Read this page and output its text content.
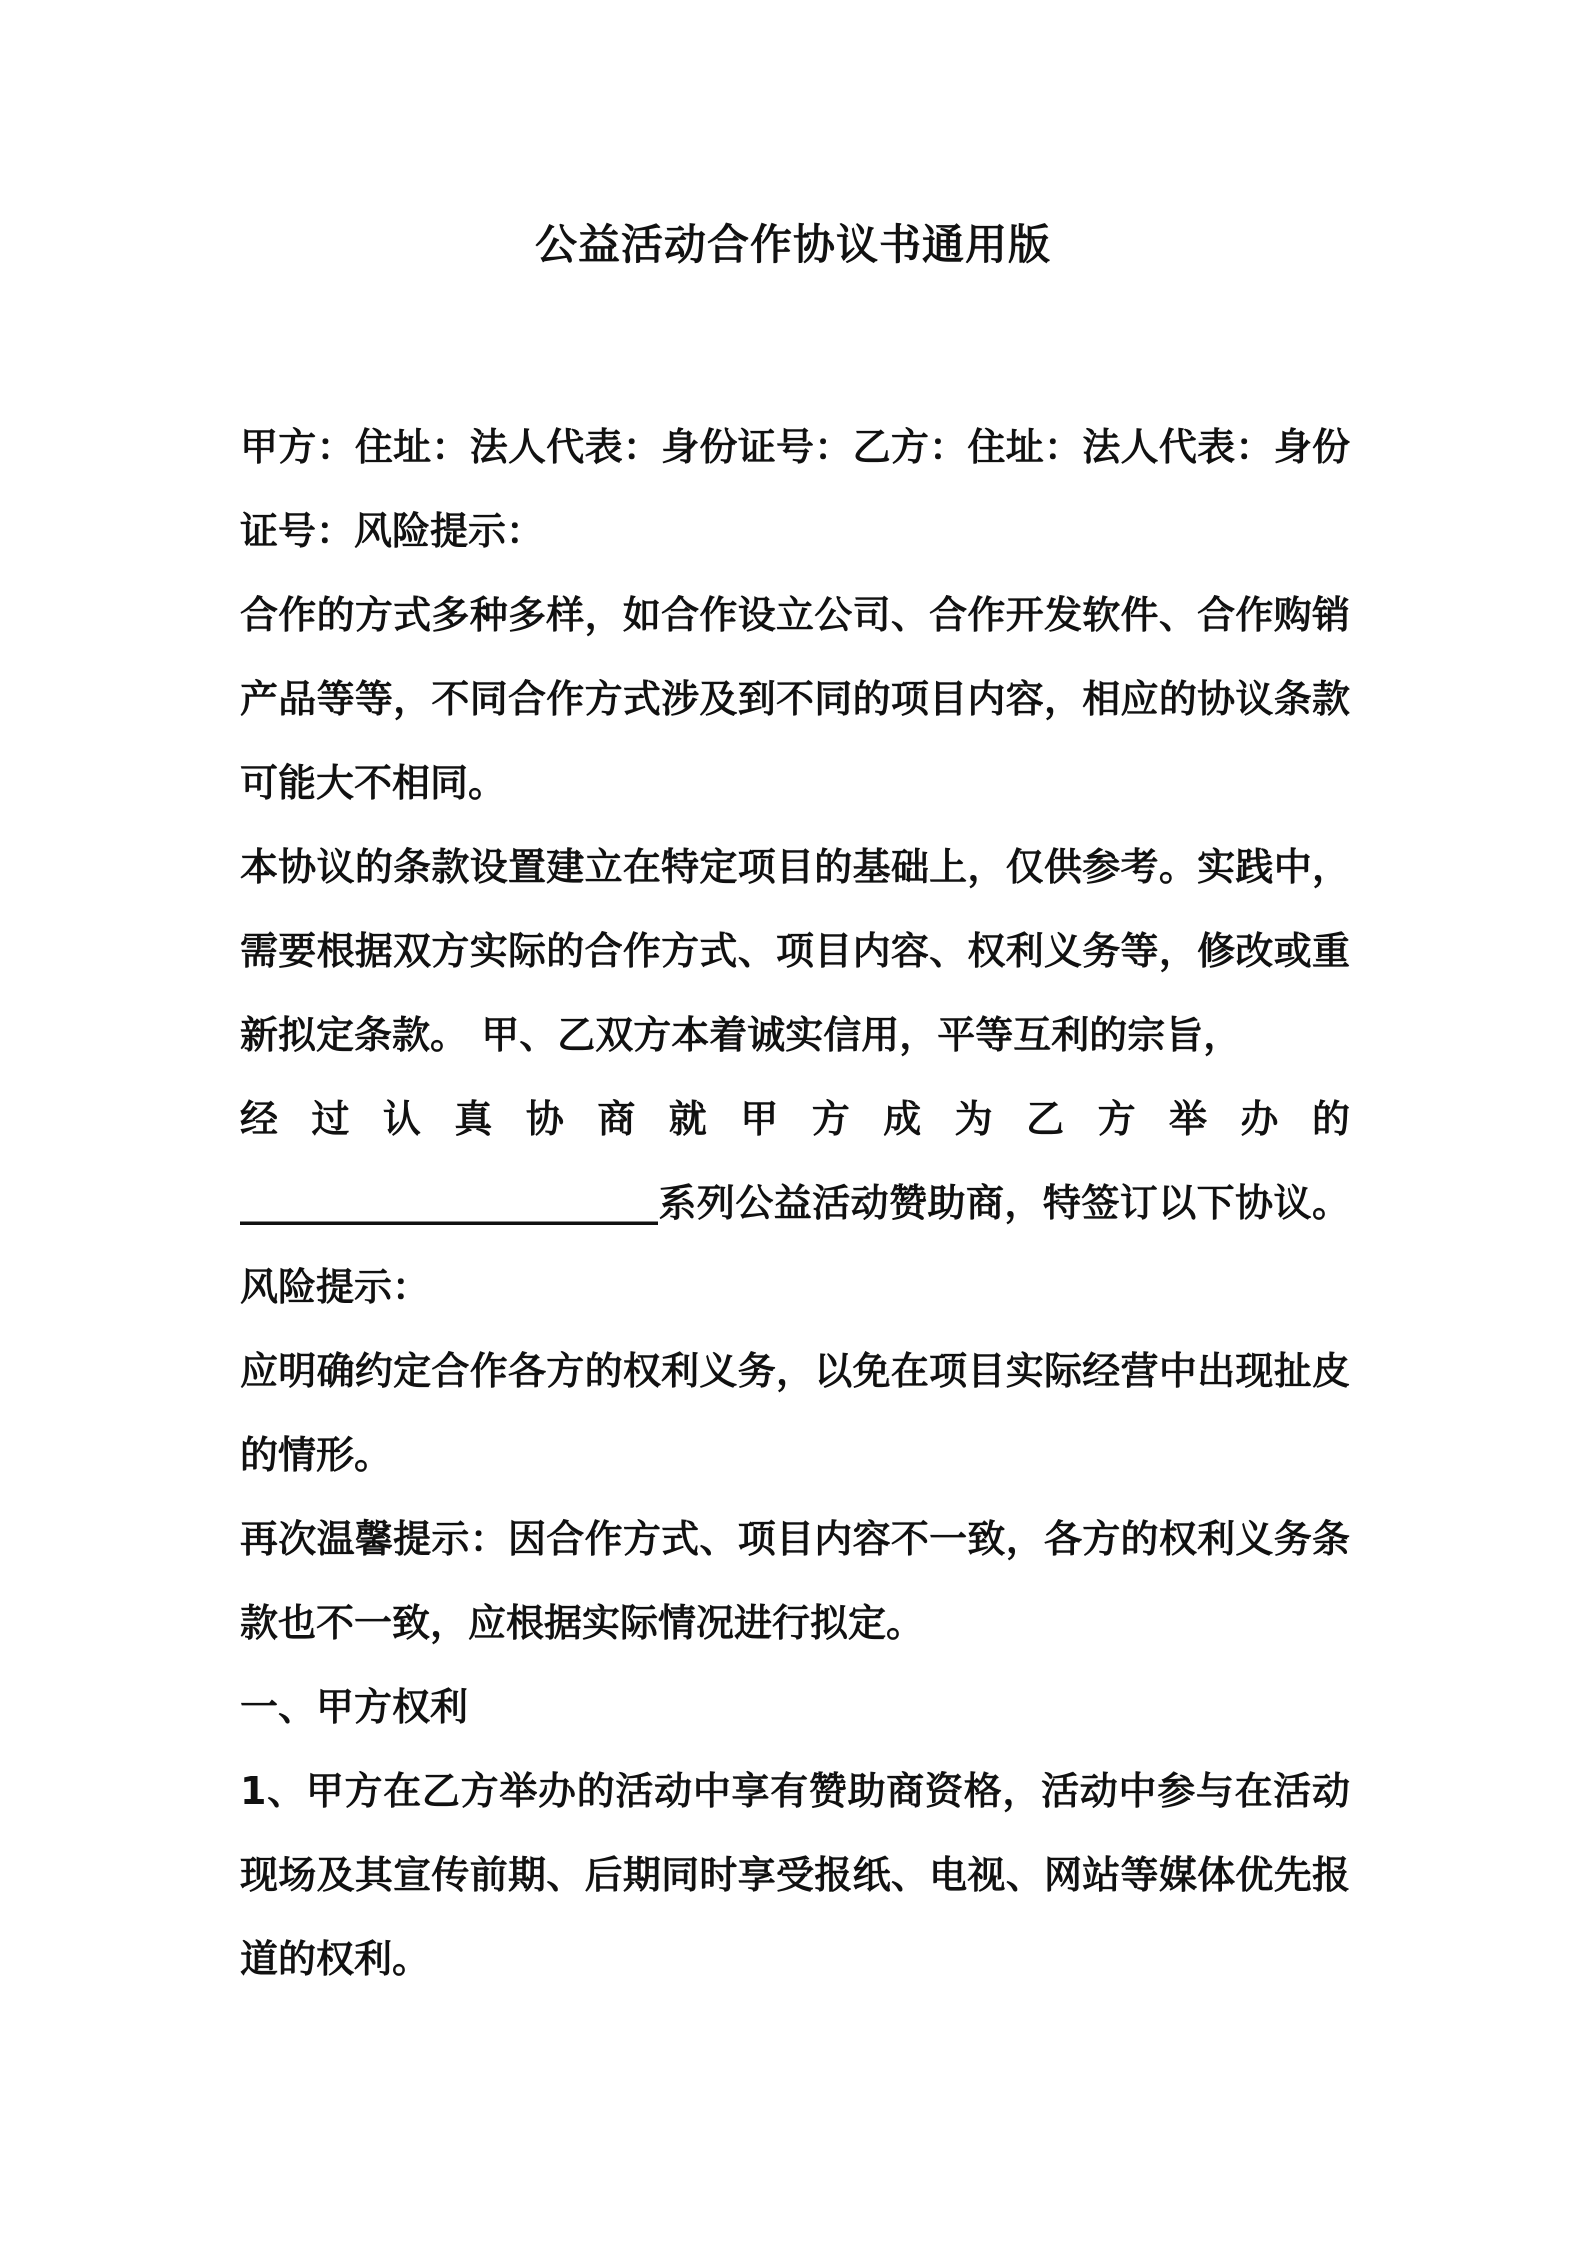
公益活动合作协议书通用版

甲方：住址：法人代表：身份证号：乙方：住址：法人代表：身份证号：风险提示：

合作的方式多种多样，如合作设立公司、合作开发软件、合作购销产品等等，不同合作方式涉及到不同的项目内容，相应的协议条款可能大不相同。

本协议的条款设置建立在特定项目的基础上，仅供参考。实践中，需要根据双方实际的合作方式、项目内容、权利义务等，修改或重新拟定条款。 甲、乙双方本着诚实信用，平等互利的宗旨，

经过认真协商就甲方成为乙方举办的

______________________系列公益活动赞助商，特签订以下协议。风险提示：

应明确约定合作各方的权利义务，以免在项目实际经营中出现扯皮的情形。

再次温馨提示：因合作方式、项目内容不一致，各方的权利义务条款也不一致，应根据实际情况进行拟定。

一、甲方权利

1、甲方在乙方举办的活动中享有赞助商资格，活动中参与在活动现场及其宣传前期、后期同时享受报纸、电视、网站等媒体优先报道的权利。
